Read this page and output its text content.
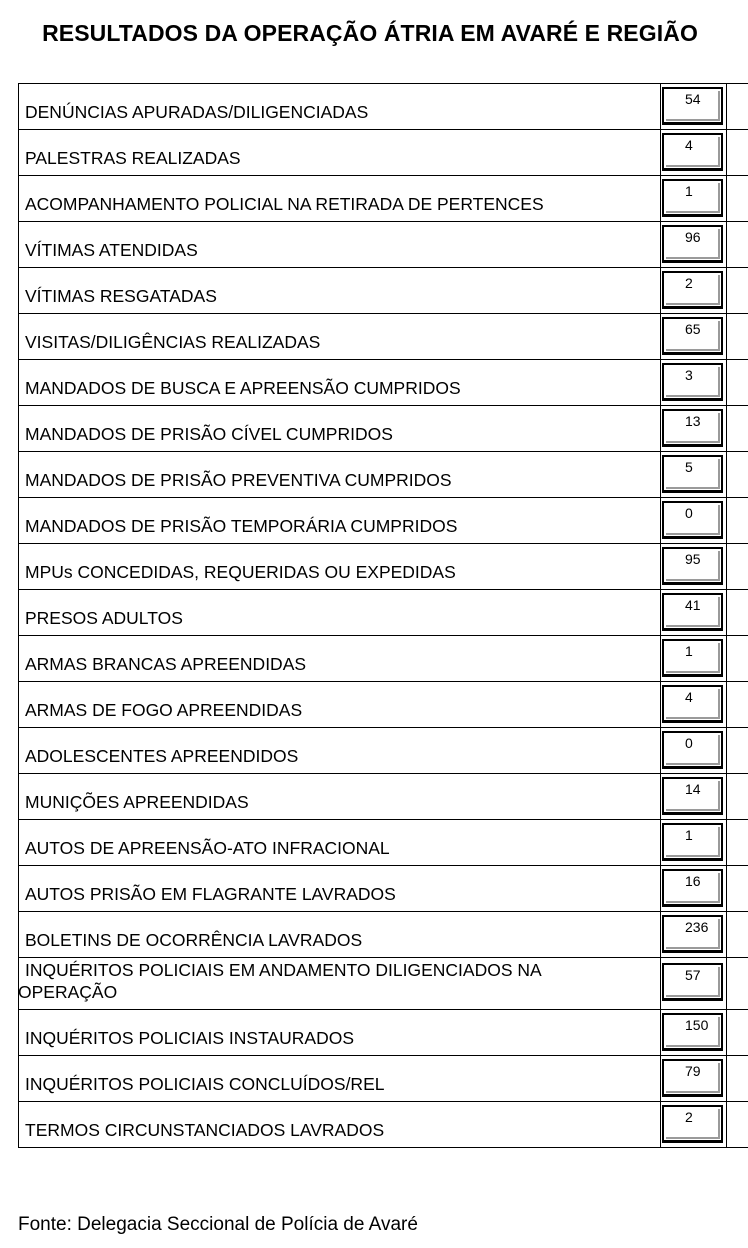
RESULTADOS DA OPERAÇÃO ÁTRIA EM AVARÉ E REGIÃO
DENÚNCIAS APURADAS/DILIGENCIADAS
54
PALESTRAS REALIZADAS
4
ACOMPANHAMENTO POLICIAL NA RETIRADA DE PERTENCES
1
VÍTIMAS ATENDIDAS
96
VÍTIMAS RESGATADAS
2
VISITAS/DILIGÊNCIAS REALIZADAS
65
MANDADOS DE BUSCA E APREENSÃO CUMPRIDOS
3
MANDADOS DE PRISÃO CÍVEL CUMPRIDOS
13
MANDADOS DE PRISÃO PREVENTIVA CUMPRIDOS
5
MANDADOS DE PRISÃO TEMPORÁRIA CUMPRIDOS
0
MPUs CONCEDIDAS, REQUERIDAS OU EXPEDIDAS
95
PRESOS ADULTOS
41
ARMAS BRANCAS APREENDIDAS
1
ARMAS DE FOGO APREENDIDAS
4
ADOLESCENTES APREENDIDOS
0
MUNIÇÕES APREENDIDAS
14
AUTOS DE APREENSÃO-ATO INFRACIONAL
1
AUTOS PRISÃO EM FLAGRANTE LAVRADOS
16
BOLETINS DE OCORRÊNCIA LAVRADOS
236
INQUÉRITOS POLICIAIS EM ANDAMENTO DILIGENCIADOS NA
OPERAÇÃO
57
INQUÉRITOS POLICIAIS INSTAURADOS
150
INQUÉRITOS POLICIAIS CONCLUÍDOS/REL
79
TERMOS CIRCUNSTANCIADOS LAVRADOS
2
Fonte: Delegacia Seccional de Polícia de Avaré
